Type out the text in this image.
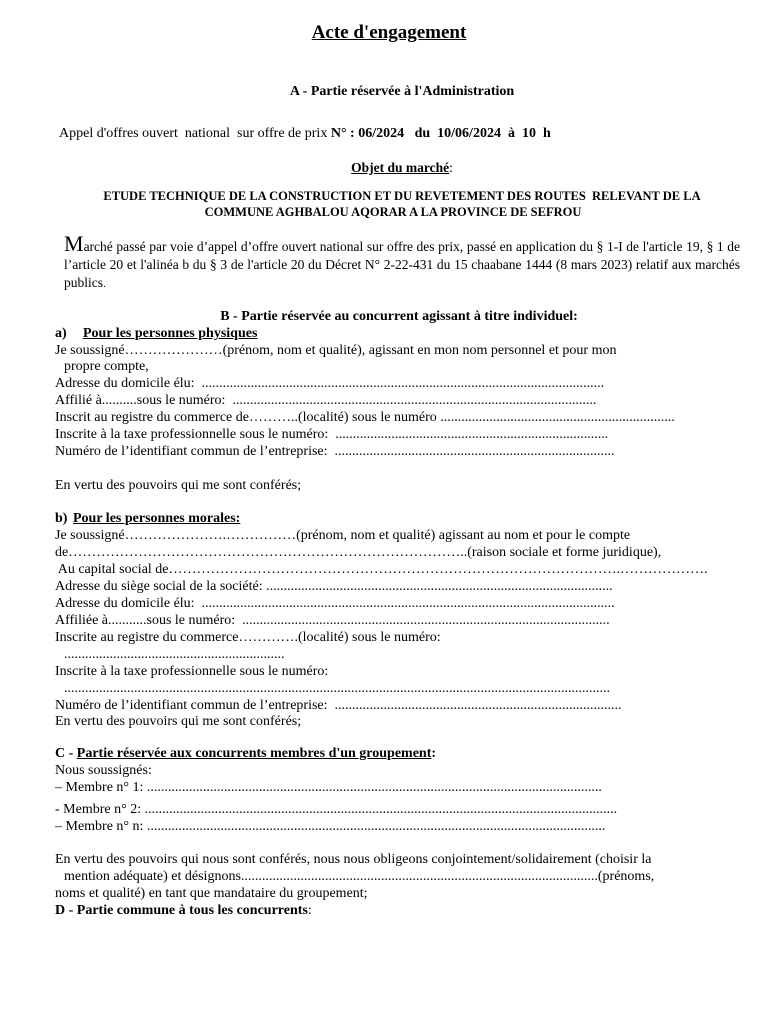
Acte d'engagement
A - Partie réservée à l'Administration
Appel d'offres ouvert  national  sur offre de prix N° : 06/2024   du  10/06/2024  à  10  h
Objet du marché:
ETUDE TECHNIQUE DE LA CONSTRUCTION ET DU REVETEMENT DES ROUTES  RELEVANT DE LA
COMMUNE AGHBALOU AQORAR A LA PROVINCE DE SEFROU
Marché passé par voie d’appel d’offre ouvert national sur offre des prix, passé en application du § 1-I de l'article 19, § 1 de l’article 20 et l'alinéa b du § 3 de l'article 20 du Décret N° 2-22-431 du 15 chaabane 1444 (8 mars 2023) relatif aux marchés publics.
B - Partie réservée au concurrent agissant à titre individuel:
a) Pour les personnes physiques
Je soussigné…………………(prénom, nom et qualité), agissant en mon nom personnel et pour mon
propre compte,
Adresse du domicile élu:  ...................................................................................................................
Affilié à..........sous le numéro:  ........................................................................................................
Inscrit au registre du commerce de………..(localité) sous le numéro ...................................................................
Inscrite à la taxe professionnelle sous le numéro:  ..............................................................................
Numéro de l’identifiant commun de l’entreprise:  ................................................................................
En vertu des pouvoirs qui me sont conférés;
b) Pour les personnes morales:
Je soussigné………………….……………(prénom, nom et qualité) agissant au nom et pour le compte
de…………………………………………………………………………..(raison sociale et forme juridique),
Au capital social de…………………………………………………………………………………….……………….
Adresse du siège social de la société: ...................................................................................................
Adresse du domicile élu:  ......................................................................................................................
Affiliée à...........sous le numéro:  .........................................................................................................
Inscrite au registre du commerce………….(localité) sous le numéro:
...............................................................
Inscrite à la taxe professionnelle sous le numéro:
............................................................................................................................................................
Numéro de l’identifiant commun de l’entreprise:  ..................................................................................
En vertu des pouvoirs qui me sont conférés;
C - Partie réservée aux concurrents membres d'un groupement:
Nous soussignés:
– Membre n° 1: ..................................................................................................................................
- Membre n° 2: .......................................................................................................................................
– Membre n° n: ...................................................................................................................................
En vertu des pouvoirs qui nous sont conférés, nous nous obligeons conjointement/solidairement (choisir la
mention adéquate) et désignons......................................................................................................(prénoms,
noms et qualité) en tant que mandataire du groupement;
D - Partie commune à tous les concurrents:
